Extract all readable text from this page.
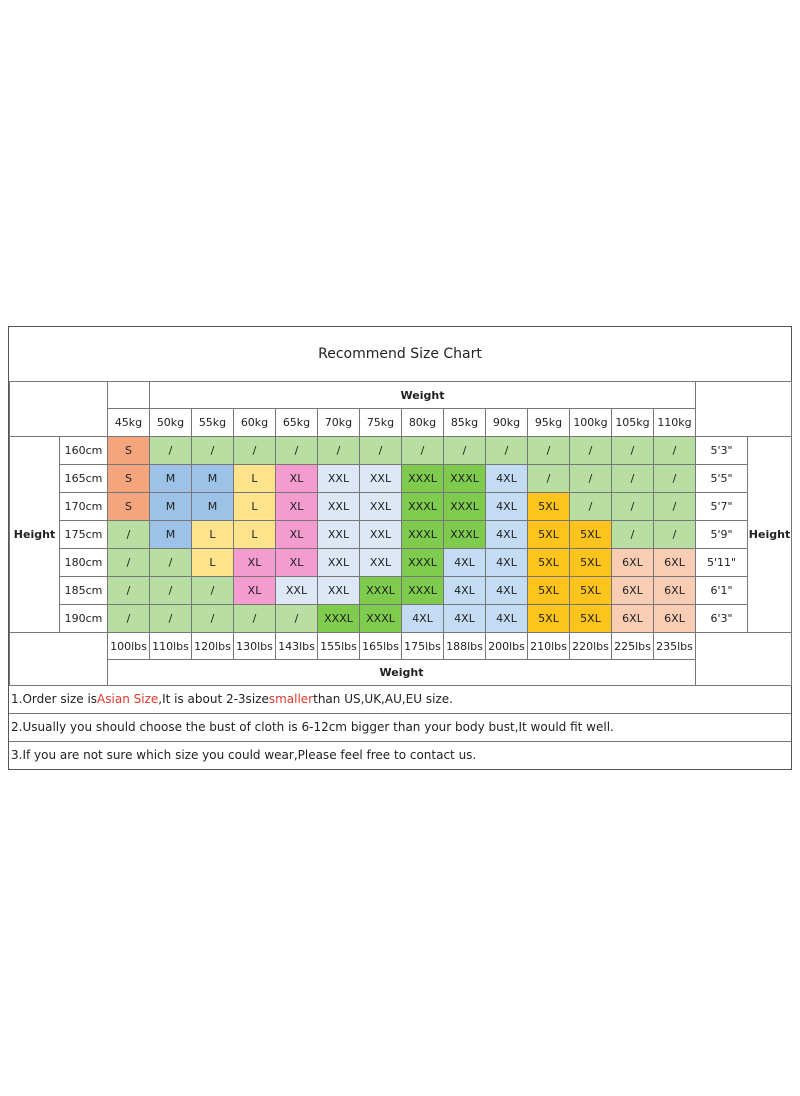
Recommend Size Chart
Weight
45kg	50kg	55kg	60kg	65kg	70kg	75kg	80kg	85kg	90kg	95kg	100kg 105kg 110kg
Height	Height
160cm	S	/	/	/	/	/	/	/	/	/	/	/	/	/	5'3"
165cm	S	M	M	L	XL	XXL	XXL	XXXL	XXXL	4XL	/	/	/	/	5'5"
170cm	S	M	M	L	XL	XXL	XXL	XXXL	XXXL	4XL	5XL	/	/	/	5'7"
175cm	/	M	L	L	XL	XXL	XXL	XXXL	XXXL	4XL	5XL	5XL	/	/	5'9"
180cm	/	/	L	XL	XL	XXL	XXL	XXXL	4XL	4XL	5XL	5XL	6XL	6XL	5'11"
185cm	/	/	/	XL	XXL	XXL	XXXL	XXXL	4XL	4XL	5XL	5XL	6XL	6XL	6'1"
190cm	/	/	/	/	/	XXXL	XXXL	4XL	4XL	4XL	5XL	5XL	6XL	6XL	6'3"
100lbs 110lbs 120lbs 130lbs 143lbs 155lbs 165lbs 175lbs 188lbs 200lbs 210lbs 220lbs 225lbs 235lbs
Weight
1.Order size is Asian Size ,It is about 2-3size smaller than US,UK,AU,EU size.
2.Usually you should choose the bust of cloth is 6-12cm bigger than your body bust,It would fit well.
3.If you are not sure which size you could wear,Please feel free to contact us.
